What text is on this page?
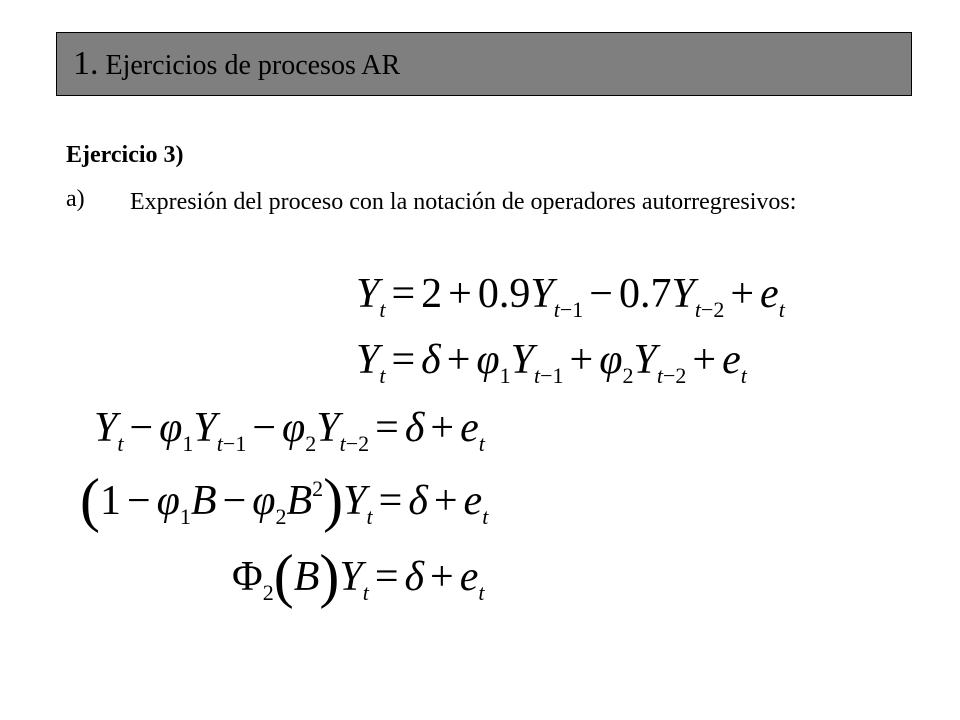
1. Ejercicios de procesos AR
Ejercicio 3)
a) Expresión del proceso con la notación de operadores autorregresivos:
$Y_t = 2 + 0.9Y_{t-1} - 0.7Y_{t-2} + e_t$
$Y_t = \delta + \varphi_1Y_{t-1} + \varphi_2Y_{t-2} + e_t$
$Y_t - \varphi_1Y_{t-1} - \varphi_2Y_{t-2} = \delta + e_t$
$(1 - \varphi_1B - \varphi_2B^2)Y_t = \delta + e_t$
$\Phi_2(B)Y_t = \delta + e_t$
